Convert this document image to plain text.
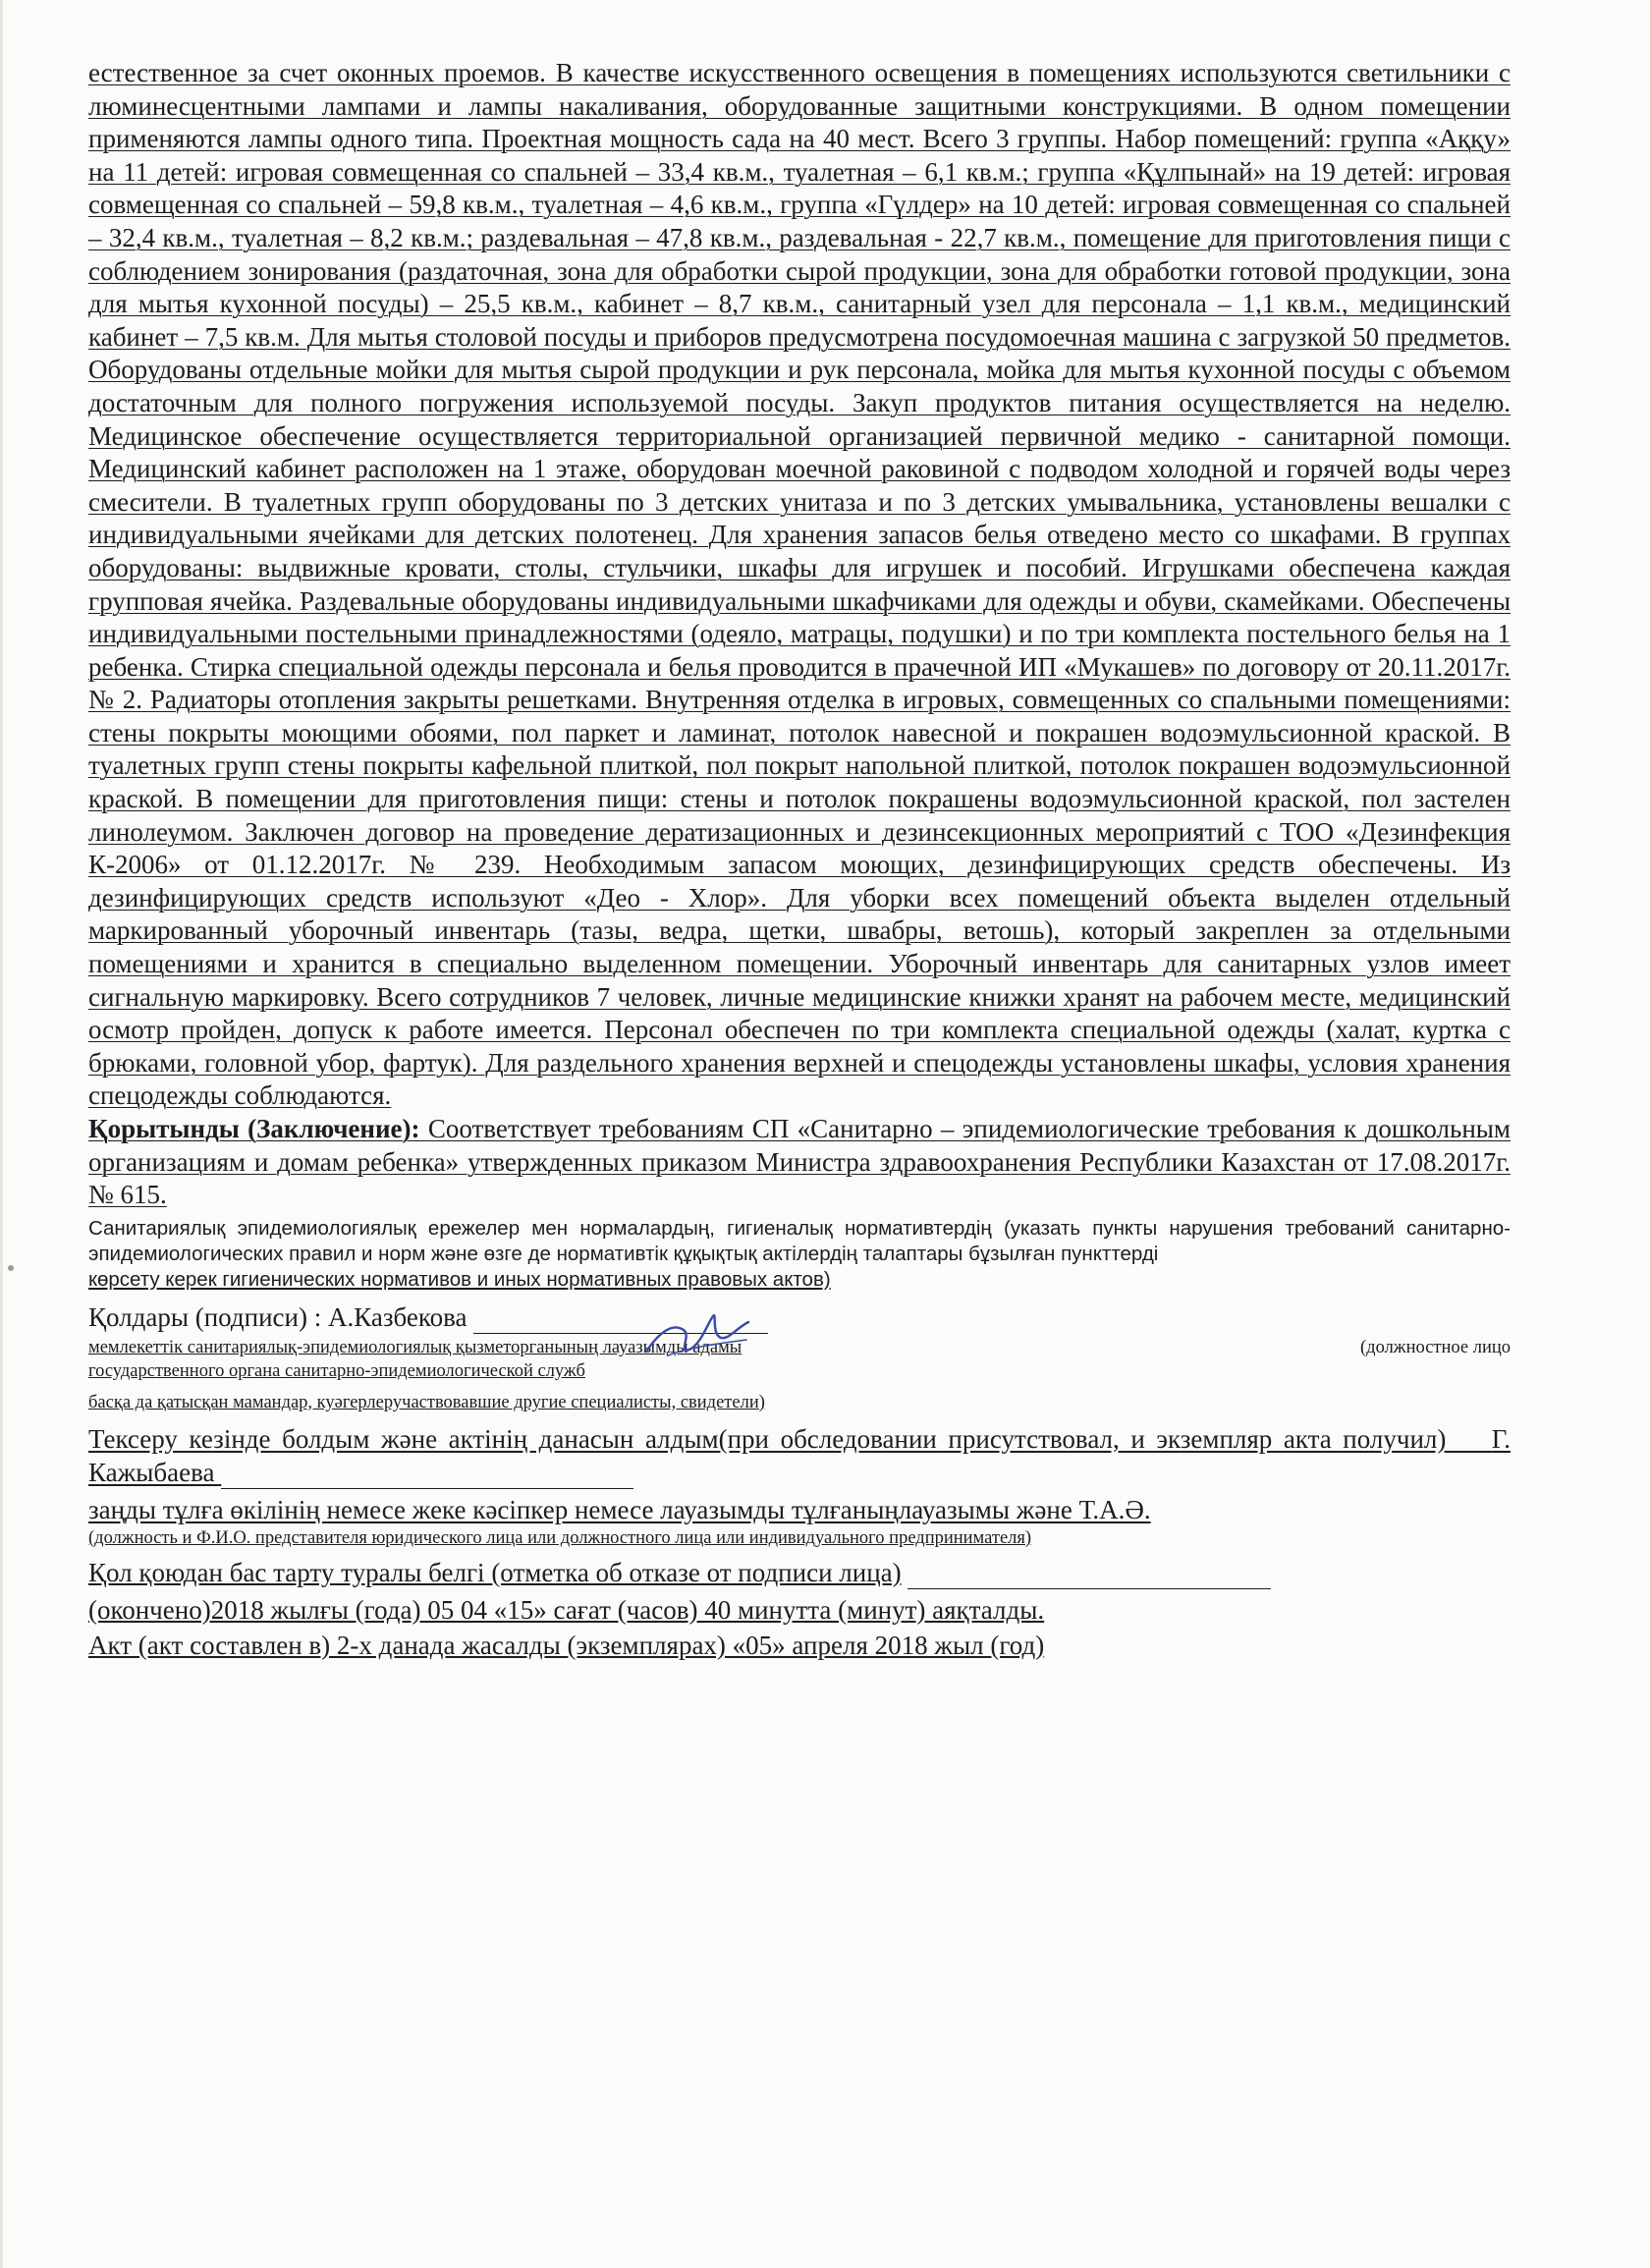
естественное за счет оконных проемов. В качестве искусственного освещения в помещениях используются светильники с люминесцентными лампами и лампы накаливания, оборудованные защитными конструкциями. В одном помещении применяются лампы одного типа. Проектная мощность сада на 40 мест. Всего 3 группы. Набор помещений: группа «Аққу» на 11 детей: игровая совмещенная со спальней – 33,4 кв.м., туалетная – 6,1 кв.м.; группа «Құлпынай» на 19 детей: игровая совмещенная со спальней – 59,8 кв.м., туалетная – 4,6 кв.м., группа «Гүлдер» на 10 детей: игровая совмещенная со спальней – 32,4 кв.м., туалетная – 8,2 кв.м.; раздевальная – 47,8 кв.м., раздевальная - 22,7 кв.м., помещение для приготовления пищи с соблюдением зонирования (раздаточная, зона для обработки сырой продукции, зона для обработки готовой продукции, зона для мытья кухонной посуды) – 25,5 кв.м., кабинет – 8,7 кв.м., санитарный узел для персонала – 1,1 кв.м., медицинский кабинет – 7,5 кв.м. Для мытья столовой посуды и приборов предусмотрена посудомоечная машина с загрузкой 50 предметов. Оборудованы отдельные мойки для мытья сырой продукции и рук персонала, мойка для мытья кухонной посуды с объемом достаточным для полного погружения используемой посуды. Закуп продуктов питания осуществляется на неделю. Медицинское обеспечение осуществляется территориальной организацией первичной медико - санитарной помощи. Медицинский кабинет расположен на 1 этаже, оборудован моечной раковиной с подводом холодной и горячей воды через смесители. В туалетных групп оборудованы по 3 детских унитаза и по 3 детских умывальника, установлены вешалки с индивидуальными ячейками для детских полотенец. Для хранения запасов белья отведено место со шкафами. В группах оборудованы: выдвижные кровати, столы, стульчики, шкафы для игрушек и пособий. Игрушками обеспечена каждая групповая ячейка. Раздевальные оборудованы индивидуальными шкафчиками для одежды и обуви, скамейками. Обеспечены индивидуальными постельными принадлежностями (одеяло, матрацы, подушки) и по три комплекта постельного белья на 1 ребенка. Стирка специальной одежды персонала и белья проводится в прачечной ИП «Мукашев» по договору от 20.11.2017г. № 2. Радиаторы отопления закрыты решетками. Внутренняя отделка в игровых, совмещенных со спальными помещениями: стены покрыты моющими обоями, пол паркет и ламинат, потолок навесной и покрашен водоэмульсионной краской. В туалетных групп стены покрыты кафельной плиткой, пол покрыт напольной плиткой, потолок покрашен водоэмульсионной краской. В помещении для приготовления пищи: стены и потолок покрашены водоэмульсионной краской, пол застелен линолеумом. Заключен договор на проведение дератизационных и дезинсекционных мероприятий с ТОО «Дезинфекция К-2006» от 01.12.2017г. № 239. Необходимым запасом моющих, дезинфицирующих средств обеспечены. Из дезинфицирующих средств используют «Део - Хлор». Для уборки всех помещений объекта выделен отдельный маркированный уборочный инвентарь (тазы, ведра, щетки, швабры, ветошь), который закреплен за отдельными помещениями и хранится в специально выделенном помещении. Уборочный инвентарь для санитарных узлов имеет сигнальную маркировку. Всего сотрудников 7 человек, личные медицинские книжки хранят на рабочем месте, медицинский осмотр пройден, допуск к работе имеется. Персонал обеспечен по три комплекта специальной одежды (халат, куртка с брюками, головной убор, фартук). Для раздельного хранения верхней и спецодежды установлены шкафы, условия хранения спецодежды соблюдаются.

Қорытынды (Заключение): Соответствует требованиям СП «Санитарно – эпидемиологические требования к дошкольным организациям и домам ребенка» утвержденных приказом Министра здравоохранения Республики Казахстан от 17.08.2017г. № 615.

Санитариялық эпидемиологиялық ережелер мен нормалардың, гигиеналық нормативтердің (указать пункты нарушения требований санитарно-эпидемиологических правил и норм және өзге де нормативтік құқықтық актілердің талаптары бұзылған пункттерді
көрсету керек гигиенических нормативов и иных нормативных правовых актов)
Қолдары (подписи) : А.Казбекова
мемлекеттік санитариялық-эпидемиологиялық қызметорганының лауазымды адамы	(должностное лицо
государственного органа санитарно-эпидемиологической служб
басқа да қатысқан мамандар, куәгерлеручаствовавшие другие специалисты, свидетели)
Тексеру кезінде болдым және актінің данасын алдым(при обследовании присутствовал, и экземпляр акта получил) Г. Кажыбаева
заңды тұлға өкілінің немесе жеке кәсіпкер немесе лауазымды тұлғаныңлауазымы және Т.А.Ә.
(должность и Ф.И.О. представителя юридического лица или должностного лица или индивидуального предпринимателя)
Қол қоюдан бас тарту туралы белгі (отметка об отказе от подписи лица)
(окончено)2018 жылғы (года) 05 04 «15» сағат (часов) 40 минутта (минут) аяқталды.
Акт (акт составлен в) 2-х данада жасалды (экземплярах) «05» апреля 2018 жыл (год)
